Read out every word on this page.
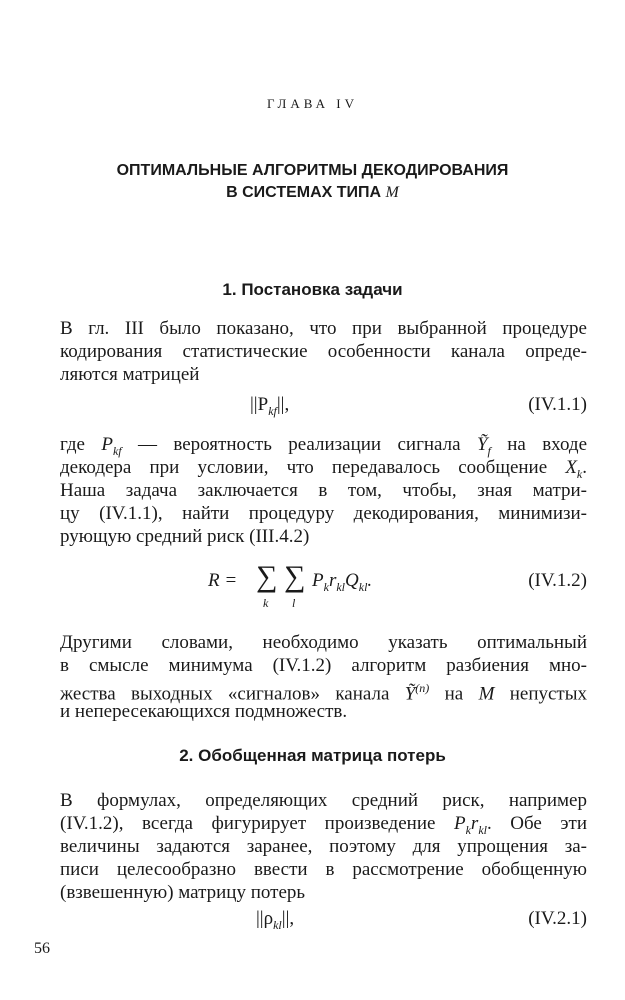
ГЛАВА IV
ОПТИМАЛЬНЫЕ АЛГОРИТМЫ ДЕКОДИРОВАНИЯ
В СИСТЕМАХ ТИПА M
1. Постановка задачи
В гл. III было показано, что при выбранной процедуре
кодирования статистические особенности канала опреде-
ляются матрицей
$||P_{kf}||$,	(IV.1.1)
где $P_{kf}$ — вероятность реализации сигнала Ỹ$_f$ на входе
декодера при условии, что передавалось сообщение $X_k$.
Наша задача заключается в том, чтобы, зная матри-
цу (IV.1.1), найти процедуру декодирования, минимизи-
рующую средний риск (III.4.2)
R = ∑
k
∑
l
$P_kr_{kl}Q_{kl}$.	(IV.1.2)
Другими словами, необходимо указать оптимальный
в смысле минимума (IV.1.2) алгоритм разбиения мно-
жества выходных «сигналов» канала Ỹ$^{(n)}$ на M непустых
и непересекающихся подмножеств.
2. Обобщенная матрица потерь
В формулах, определяющих средний риск, например
(IV.1.2), всегда фигурирует произведение $P_kr_{kl}$. Обе эти
величины задаются заранее, поэтому для упрощения за-
писи целесообразно ввести в рассмотрение обобщенную
(взвешенную) матрицу потерь
$||\rho_{kl}||$,	(IV.2.1)
56
